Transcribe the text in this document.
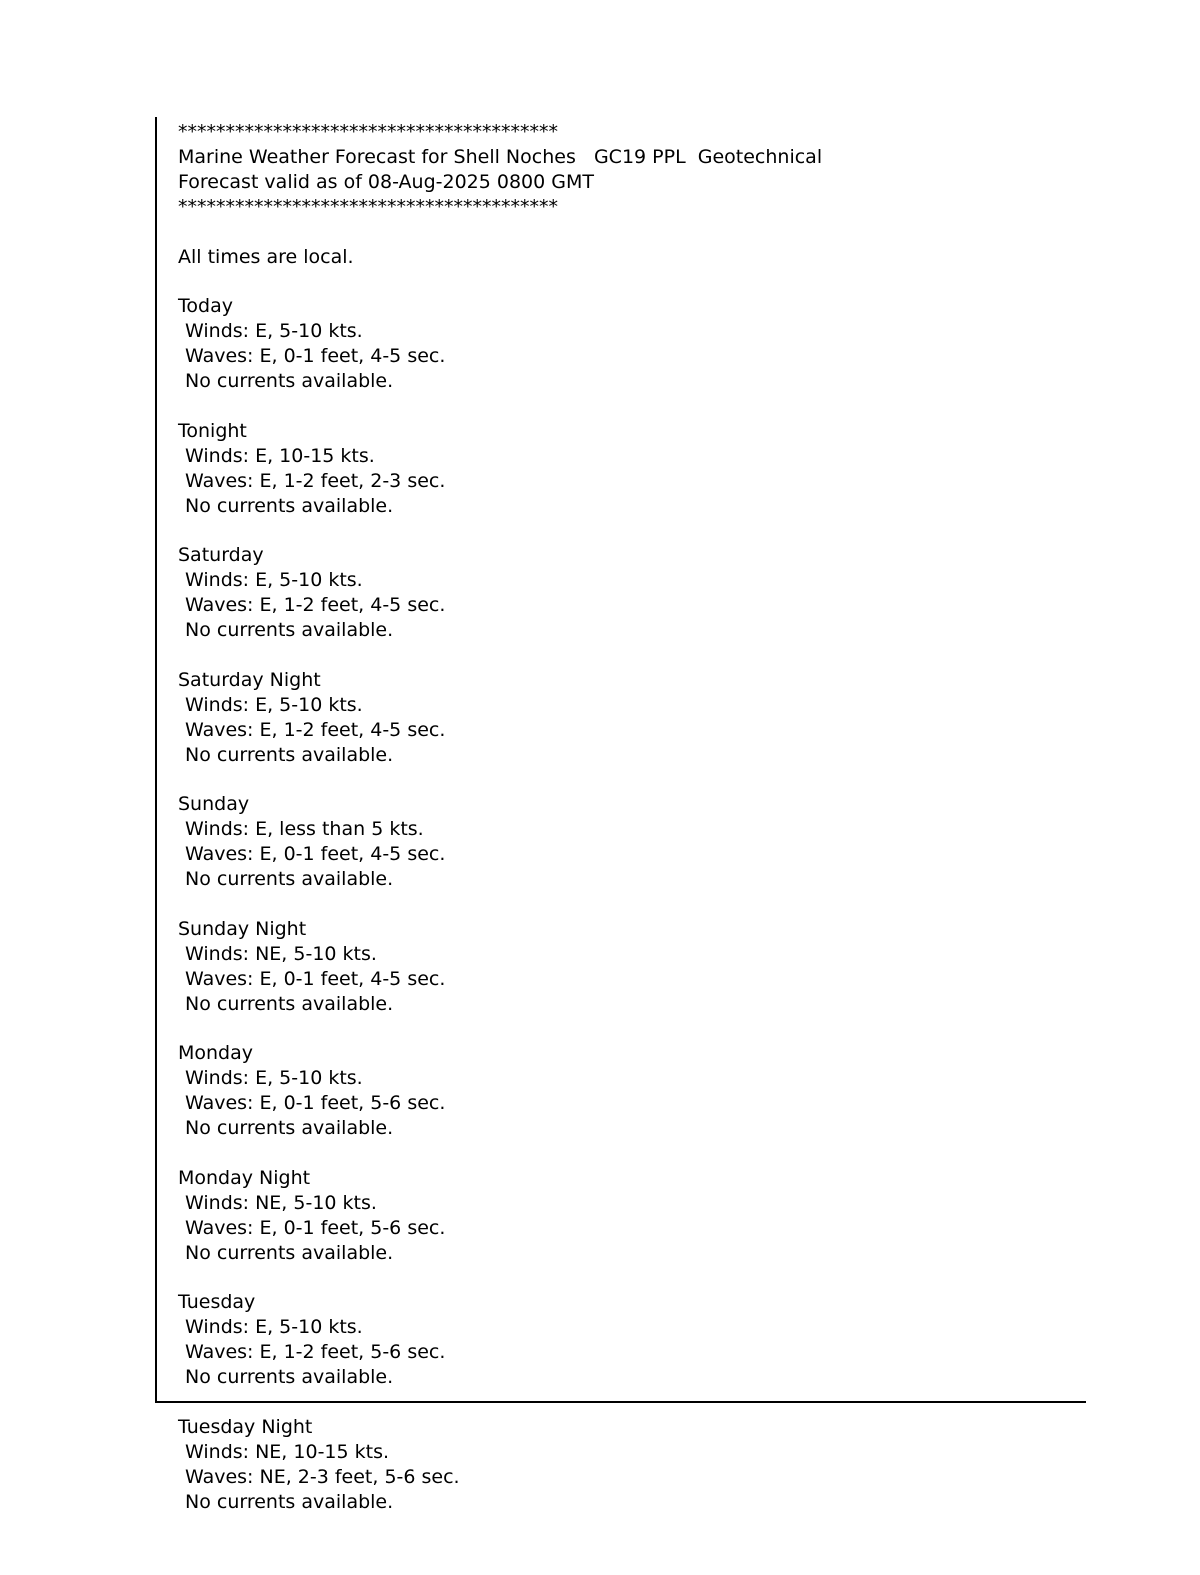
****************************************
Marine Weather Forecast for Shell Noches   GC19 PPL  Geotechnical
Forecast valid as of 08-Aug-2025 0800 GMT
****************************************
All times are local.
Today
Winds: E, 5-10 kts.
Waves: E, 0-1 feet, 4-5 sec.
No currents available.
Tonight
Winds: E, 10-15 kts.
Waves: E, 1-2 feet, 2-3 sec.
No currents available.
Saturday
Winds: E, 5-10 kts.
Waves: E, 1-2 feet, 4-5 sec.
No currents available.
Saturday Night
Winds: E, 5-10 kts.
Waves: E, 1-2 feet, 4-5 sec.
No currents available.
Sunday
Winds: E, less than 5 kts.
Waves: E, 0-1 feet, 4-5 sec.
No currents available.
Sunday Night
Winds: NE, 5-10 kts.
Waves: E, 0-1 feet, 4-5 sec.
No currents available.
Monday
Winds: E, 5-10 kts.
Waves: E, 0-1 feet, 5-6 sec.
No currents available.
Monday Night
Winds: NE, 5-10 kts.
Waves: E, 0-1 feet, 5-6 sec.
No currents available.
Tuesday
Winds: E, 5-10 kts.
Waves: E, 1-2 feet, 5-6 sec.
No currents available.
Tuesday Night
Winds: NE, 10-15 kts.
Waves: NE, 2-3 feet, 5-6 sec.
No currents available.
